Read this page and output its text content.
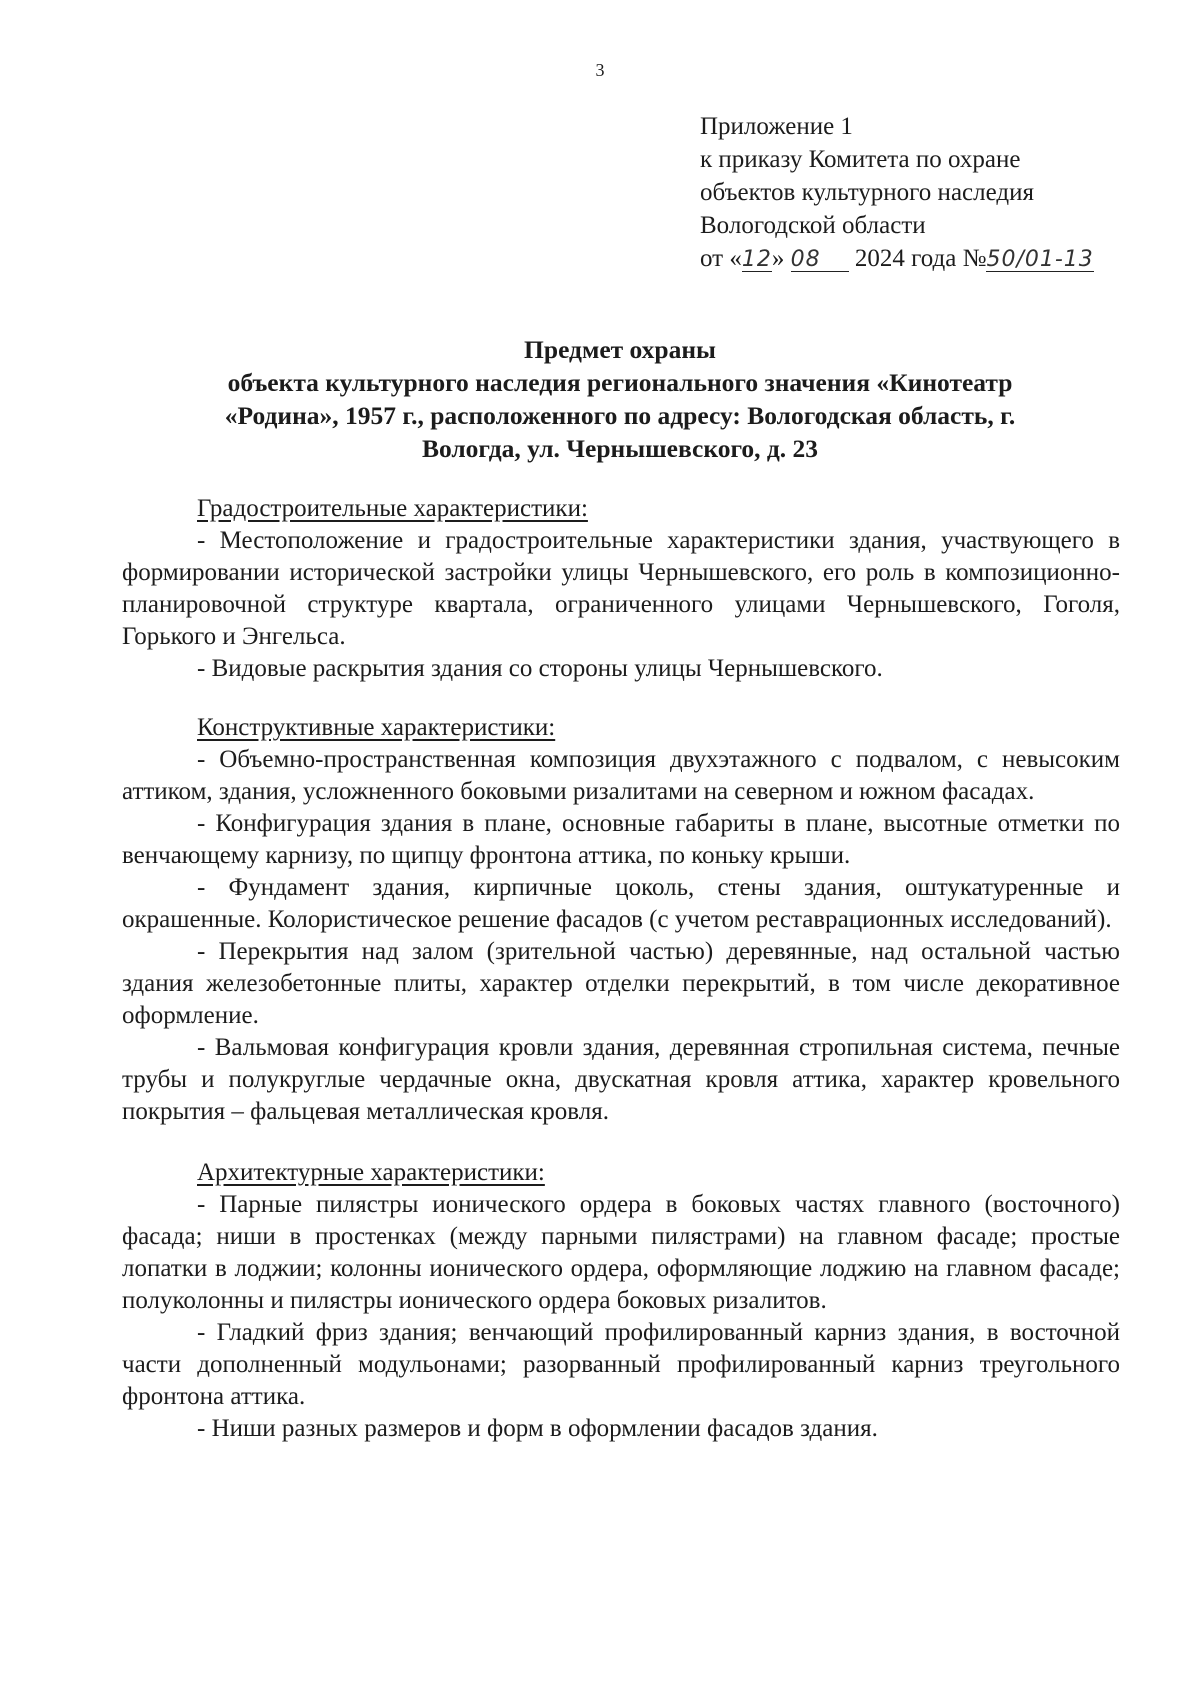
3
Приложение 1
к приказу Комитета по охране
объектов культурного наследия
Вологодской области
от «12» 08 2024 года №50/01-13
Предмет охраны
объекта культурного наследия регионального значения «Кинотеатр
«Родина», 1957 г., расположенного по адресу: Вологодская область, г.
Вологда, ул. Чернышевского, д. 23

Градостроительные характеристики:

- Местоположение и градостроительные характеристики здания, участвующего в формировании исторической застройки улицы Чернышевского, его роль в композиционно-планировочной структуре квартала, ограниченного улицами Чернышевского, Гоголя, Горького и Энгельса.

- Видовые раскрытия здания со стороны улицы Чернышевского.

Конструктивные характеристики:

- Объемно-пространственная композиция двухэтажного с подвалом, с невысоким аттиком, здания, усложненного боковыми ризалитами на северном и южном фасадах.

- Конфигурация здания в плане, основные габариты в плане, высотные отметки по венчающему карнизу, по щипцу фронтона аттика, по коньку крыши.

- Фундамент здания, кирпичные цоколь, стены здания, оштукатуренные и окрашенные. Колористическое решение фасадов (с учетом реставрационных исследований).

- Перекрытия над залом (зрительной частью) деревянные, над остальной частью здания железобетонные плиты, характер отделки перекрытий, в том числе декоративное оформление.

- Вальмовая конфигурация кровли здания, деревянная стропильная система, печные трубы и полукруглые чердачные окна, двускатная кровля аттика, характер кровельного покрытия – фальцевая металлическая кровля.

Архитектурные характеристики:

- Парные пилястры ионического ордера в боковых частях главного (восточного) фасада; ниши в простенках (между парными пилястрами) на главном фасаде; простые лопатки в лоджии; колонны ионического ордера, оформляющие лоджию на главном фасаде; полуколонны и пилястры ионического ордера боковых ризалитов.

- Гладкий фриз здания; венчающий профилированный карниз здания, в восточной части дополненный модульонами; разорванный профилированный карниз треугольного фронтона аттика.

- Ниши разных размеров и форм в оформлении фасадов здания.
